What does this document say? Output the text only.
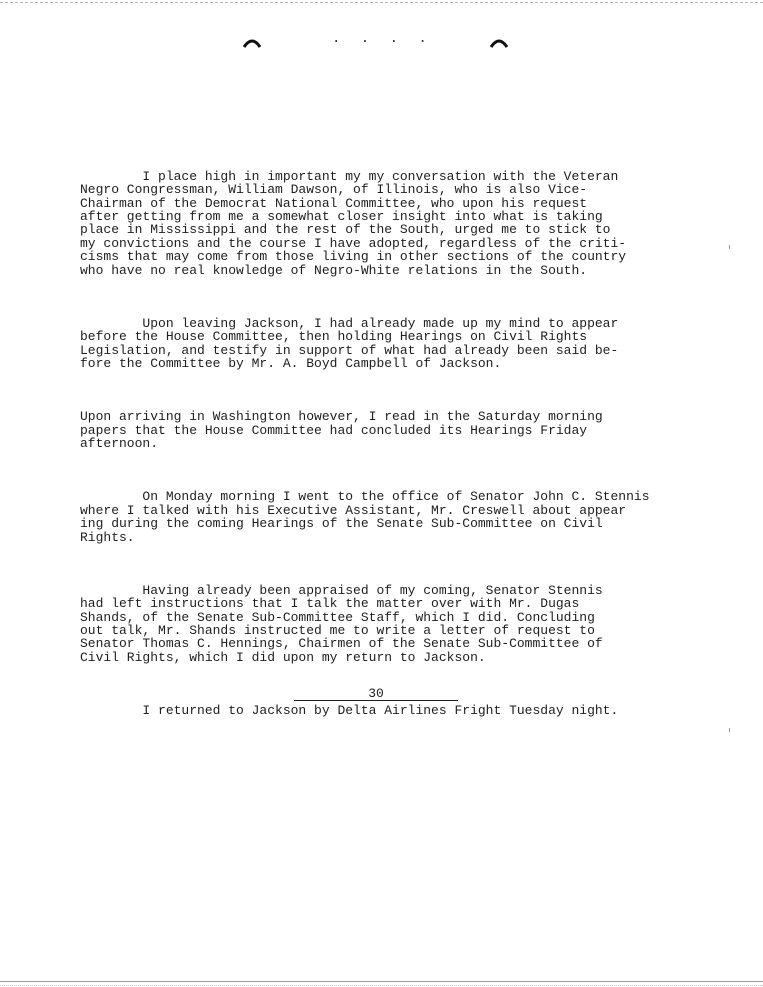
. . . .

I place high in important my my conversation with the Veteran
Negro Congressman, William Dawson, of Illinois, who is also Vice-
Chairman of the Democrat National Committee, who upon his request
after getting from me a somewhat closer insight into what is taking
place in Mississippi and the rest of the South, urged me to stick to
my convictions and the course I have adopted, regardless of the criti-
cisms that may come from those living in other sections of the country
who have no real knowledge of Negro-White relations in the South.

Upon leaving Jackson, I had already made up my mind to appear
before the House Committee, then holding Hearings on Civil Rights
Legislation, and testify in support of what had already been said be-
fore the Committee by Mr. A. Boyd Campbell of Jackson.

Upon arriving in Washington however, I read in the Saturday morning
papers that the House Committee had concluded its Hearings Friday
afternoon.

On Monday morning I went to the office of Senator John C. Stennis
where I talked with his Executive Assistant, Mr. Creswell about appear
ing during the coming Hearings of the Senate Sub-Committee on Civil
Rights.

Having already been appraised of my coming, Senator Stennis
had left instructions that I talk the matter over with Mr. Dugas
Shands, of the Senate Sub-Committee Staff, which I did. Concluding
out talk, Mr. Shands instructed me to write a letter of request to
Senator Thomas C. Hennings, Chairmen of the Senate Sub-Committee of
Civil Rights, which I did upon my return to Jackson.

I returned to Jackson by Delta Airlines Fright Tuesday night.

30
